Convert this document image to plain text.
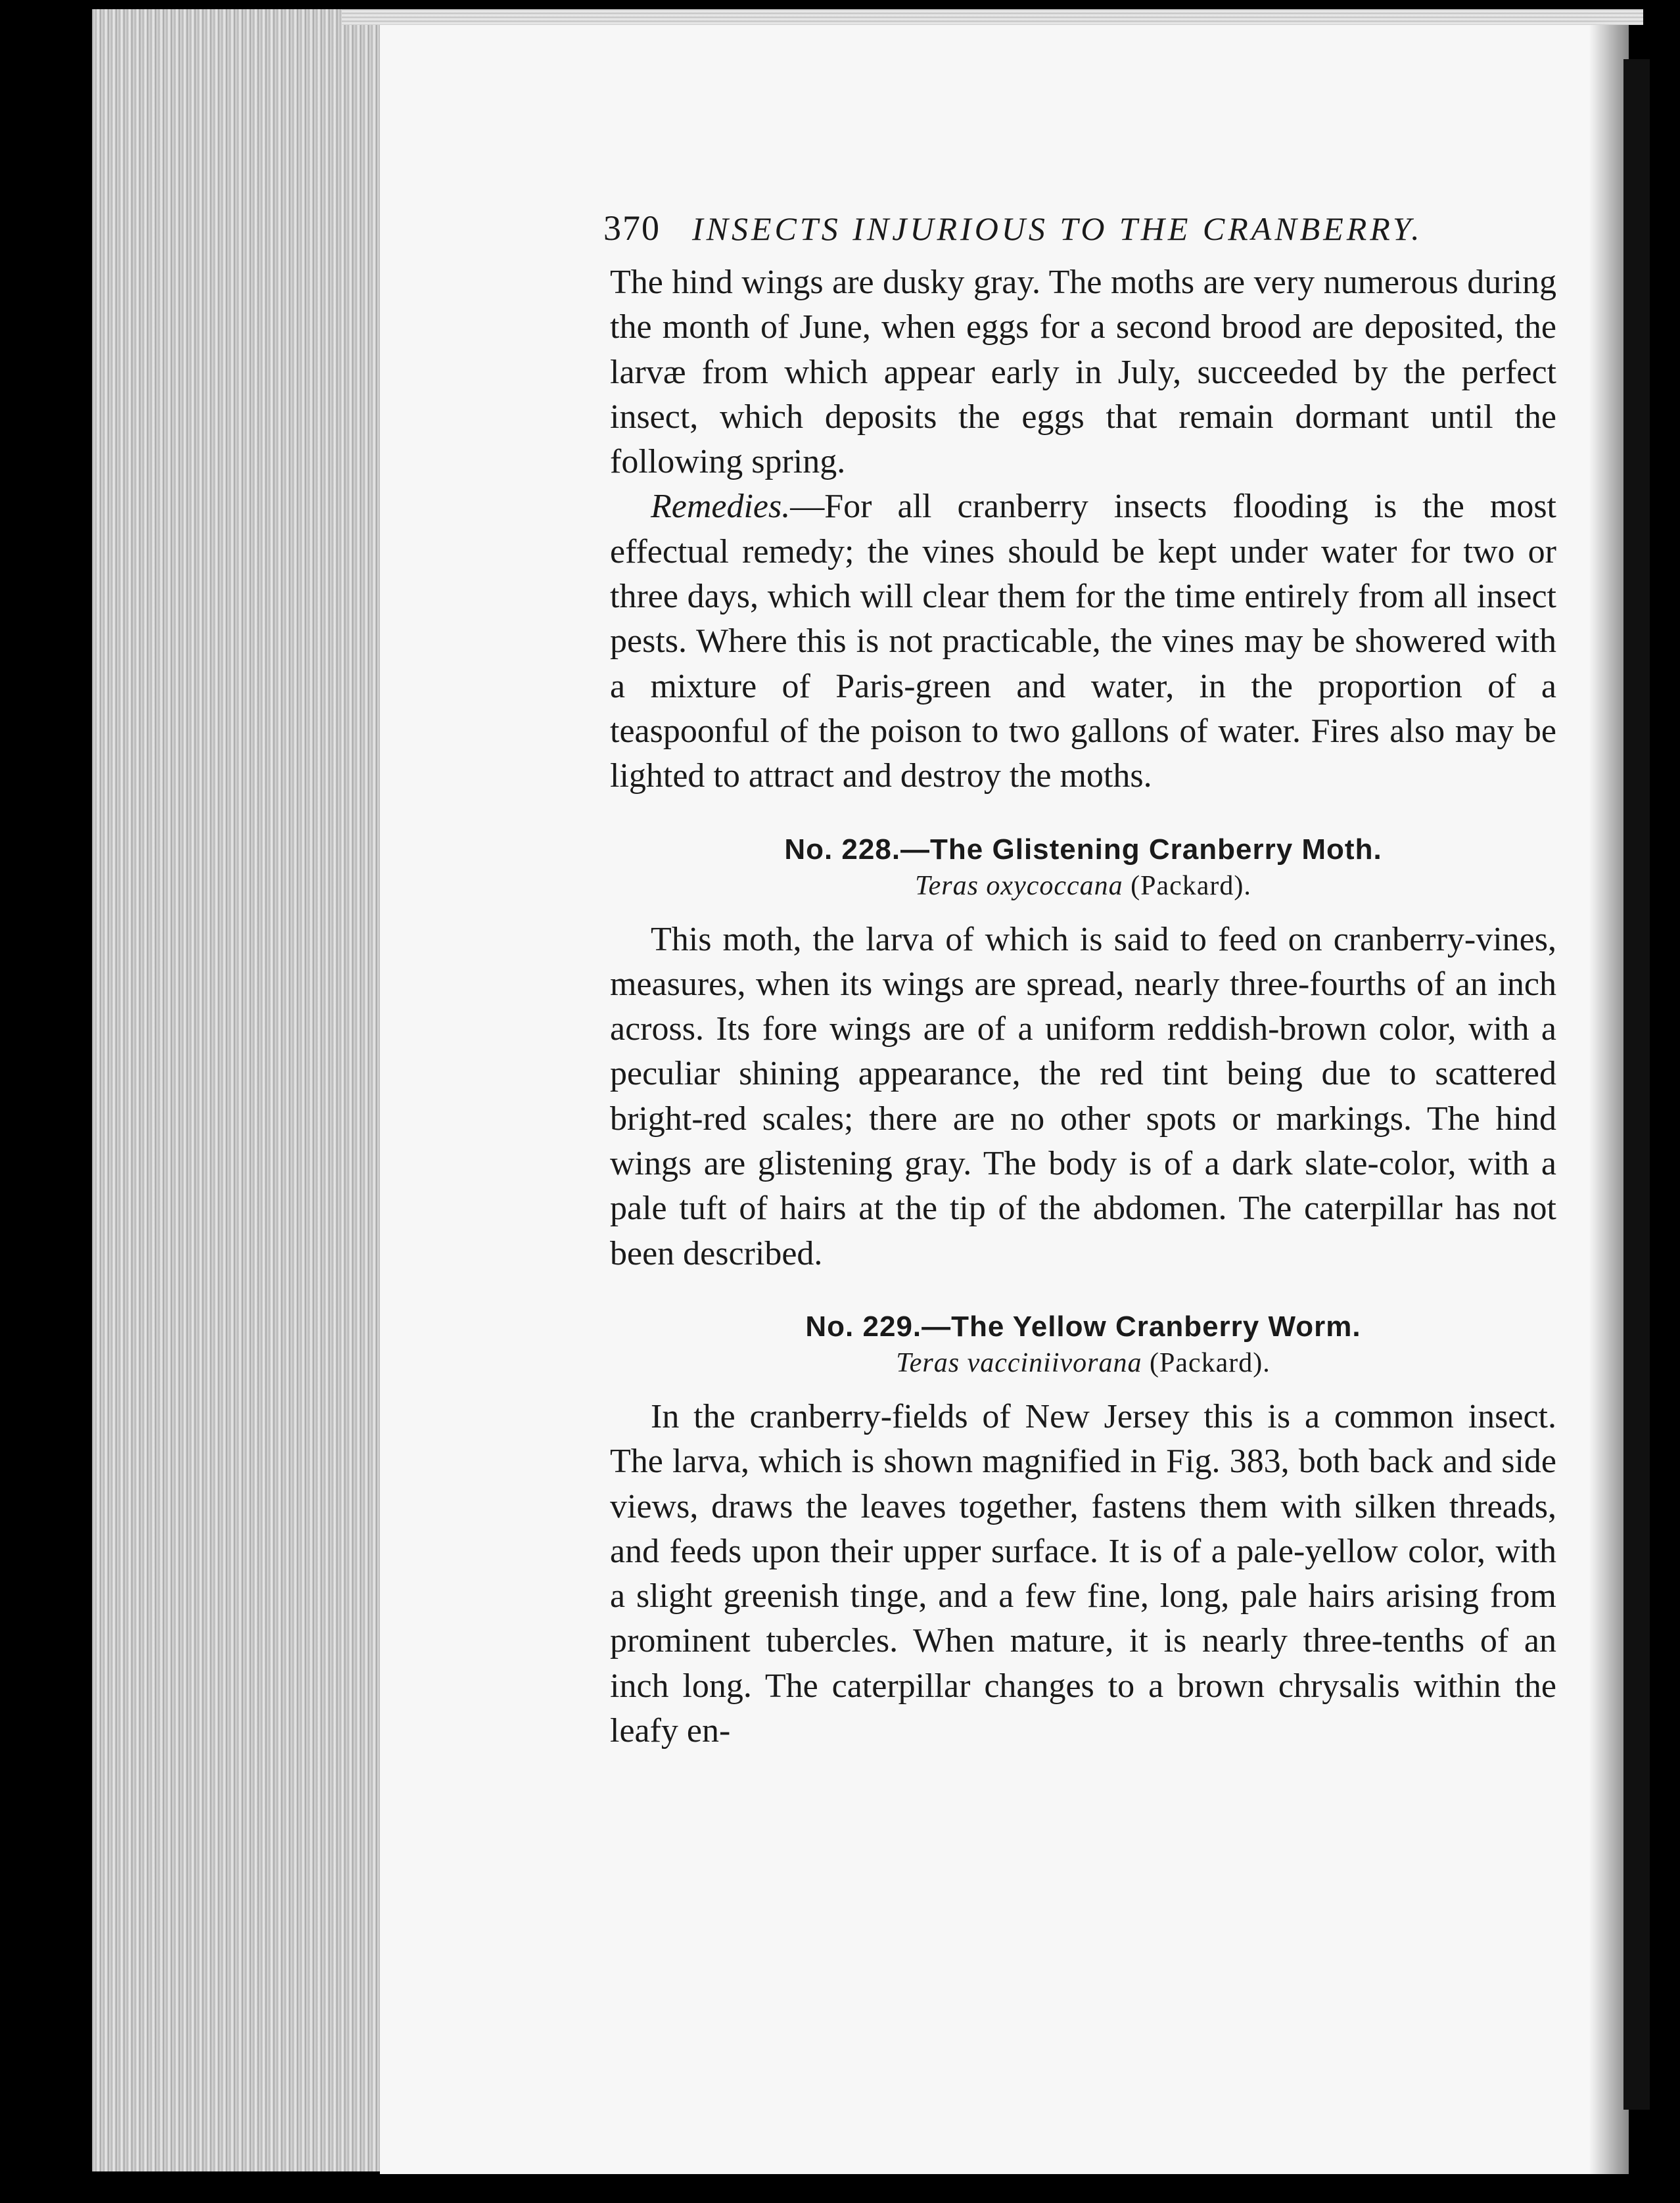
370 INSECTS INJURIOUS TO THE CRANBERRY.

The hind wings are dusky gray. The moths are very numerous during the month of June, when eggs for a second brood are deposited, the larvæ from which appear early in July, succeeded by the perfect insect, which deposits the eggs that remain dormant until the following spring.

Remedies.—For all cranberry insects flooding is the most effectual remedy; the vines should be kept under water for two or three days, which will clear them for the time entirely from all insect pests. Where this is not practicable, the vines may be showered with a mixture of Paris-green and water, in the proportion of a teaspoonful of the poison to two gallons of water. Fires also may be lighted to attract and destroy the moths.

No. 228.—The Glistening Cranberry Moth.
Teras oxycoccana (Packard).

This moth, the larva of which is said to feed on cranberry-vines, measures, when its wings are spread, nearly three-fourths of an inch across. Its fore wings are of a uniform reddish-brown color, with a peculiar shining appearance, the red tint being due to scattered bright-red scales; there are no other spots or markings. The hind wings are glistening gray. The body is of a dark slate-color, with a pale tuft of hairs at the tip of the abdomen. The caterpillar has not been described.

No. 229.—The Yellow Cranberry Worm.
Teras vacciniivorana (Packard).

In the cranberry-fields of New Jersey this is a common insect. The larva, which is shown magnified in Fig. 383, both back and side views, draws the leaves together, fastens them with silken threads, and feeds upon their upper surface. It is of a pale-yellow color, with a slight greenish tinge, and a few fine, long, pale hairs arising from prominent tubercles. When mature, it is nearly three-tenths of an inch long. The caterpillar changes to a brown chrysalis within the leafy en-
